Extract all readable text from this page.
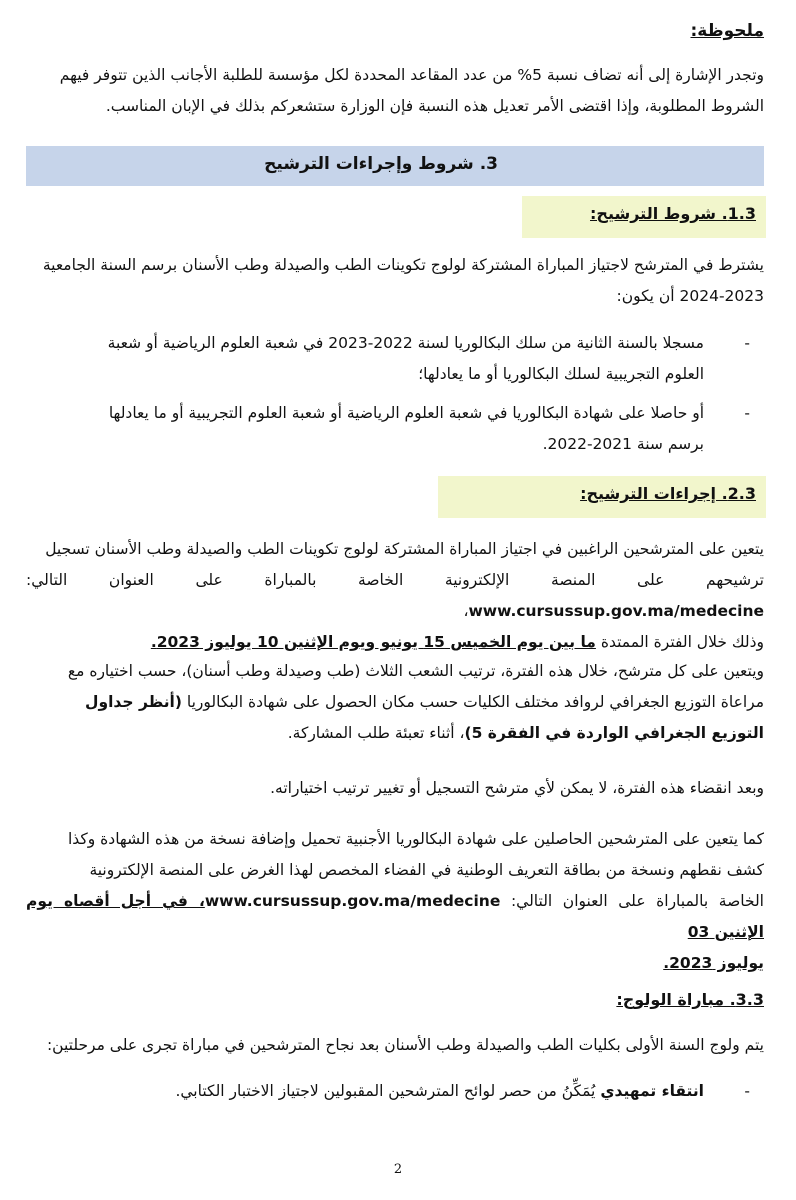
ملحوظة:

وتجدر الإشارة إلى أنه تضاف نسبة 5% من عدد المقاعد المحددة لكل مؤسسة للطلبة الأجانب الذين تتوفر فيهم

الشروط المطلوبة، وإذا اقتضى الأمر تعديل هذه النسبة فإن الوزارة ستشعركم بذلك في الإبان المناسب.

3. شروط وإجراءات الترشيح
1.3. شروط الترشيح:

يشترط في المترشح لاجتياز المباراة المشتركة لولوج تكوينات الطب والصيدلة وطب الأسنان برسم السنة الجامعية

2024-2023 أن يكون:

-
مسجلا بالسنة الثانية من سلك البكالوريا لسنة 2022-2023 في شعبة العلوم الرياضية أو شعبة
العلوم التجريبية لسلك البكالوريا أو ما يعادلها؛
-
أو حاصلا على شهادة البكالوريا في شعبة العلوم الرياضية أو شعبة العلوم التجريبية أو ما يعادلها
برسم سنة 2021-2022.
2.3. إجراءات الترشيح:

يتعين على المترشحين الراغبين في اجتياز المباراة المشتركة لولوج تكوينات الطب والصيدلة وطب الأسنان تسجيل

ترشيحهم على المنصة الإلكترونية الخاصة بالمباراة على العنوان التالي: www.cursussup.gov.ma/medecine،

وذلك خلال الفترة الممتدة ما بين يوم الخميس 15 يونيو ويوم الإثنين 10 يوليوز 2023.

ويتعين على كل مترشح، خلال هذه الفترة، ترتيب الشعب الثلاث (طب وصيدلة وطب أسنان)، حسب اختياره مع

مراعاة التوزيع الجغرافي لروافد مختلف الكليات حسب مكان الحصول على شهادة البكالوريا (أنظر جداول

التوزيع الجغرافي الواردة في الفقرة 5)، أثناء تعبئة طلب المشاركة.

وبعد انقضاء هذه الفترة، لا يمكن لأي مترشح التسجيل أو تغيير ترتيب اختياراته.

كما يتعين على المترشحين الحاصلين على شهادة البكالوريا الأجنبية تحميل وإضافة نسخة من هذه الشهادة وكذا

كشف نقطهم ونسخة من بطاقة التعريف الوطنية في الفضاء المخصص لهذا الغرض على المنصة الإلكترونية

الخاصة بالمباراة على العنوان التالي: www.cursussup.gov.ma/medecine، في أجل أقصاه يوم الإثنين 03

يوليوز 2023.

3.3. مباراة الولوج:

يتم ولوج السنة الأولى بكليات الطب والصيدلة وطب الأسنان بعد نجاح المترشحين في مباراة تجرى على مرحلتين:

-
انتقاء تمهيدي يُمَكِّنُ من حصر لوائح المترشحين المقبولين لاجتياز الاختبار الكتابي.
2
